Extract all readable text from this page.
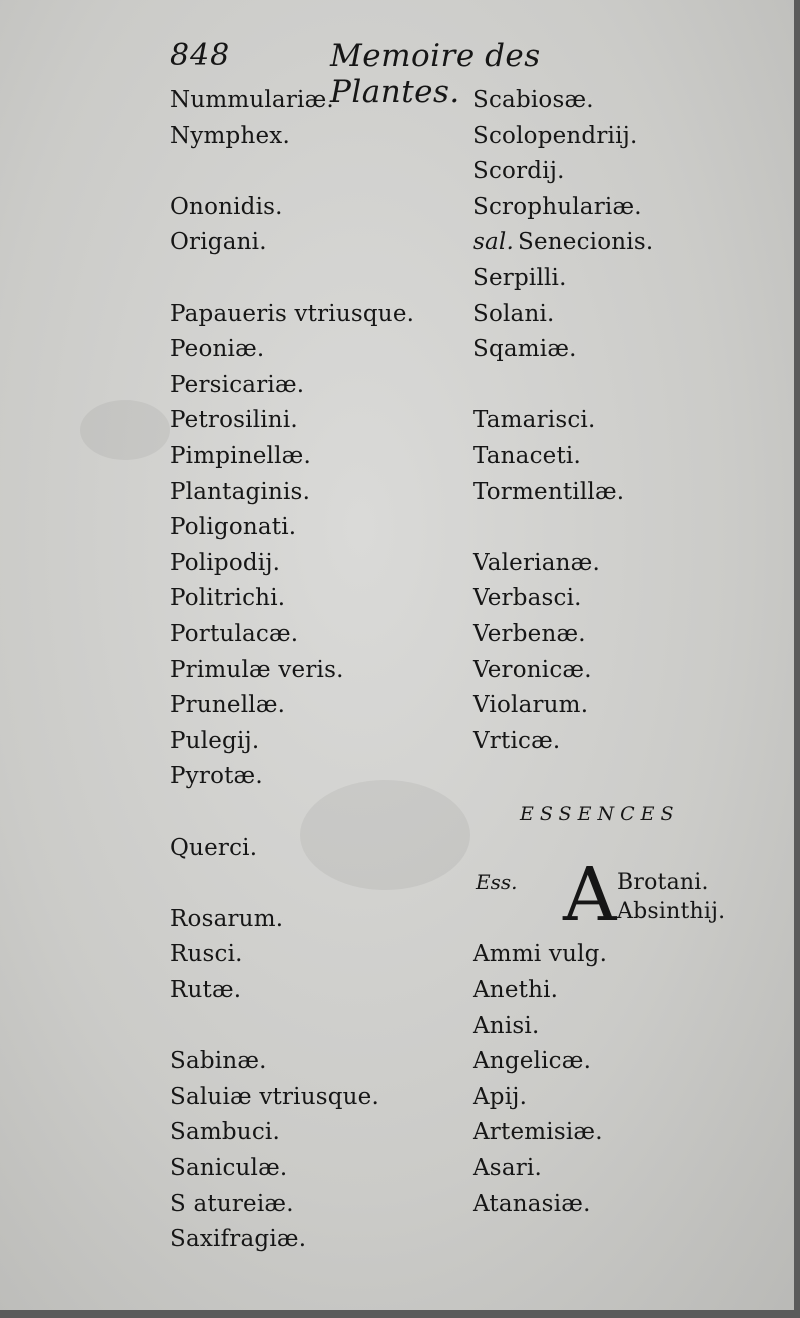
848	Memoire des Plantes.
Nummulariæ.
Nymphex.
Ononidis.
Origani.
Papaueris vtriusque.
Peoniæ.
Persicariæ.
Petrosilini.
Pimpinellæ.
Plantaginis.
Poligonati.
Polipodij.
Politrichi.
Portulacæ.
Primulæ veris.
Prunellæ.
Pulegij.
Pyrotæ.
Querci.
Rosarum.
Rusci.
Rutæ.
Sabinæ.
Saluiæ vtriusque.
Sambuci.
Saniculæ.
S atureiæ.
Saxifragiæ.
Scabiosæ.
Scolopendriij.
Scordij.
Scrophulariæ.
sal. Senecionis.
Serpilli.
Solani.
Sqamiæ.
Tamarisci.
Tanaceti.
Tormentillæ.
Valerianæ.
Verbasci.
Verbenæ.
Veronicæ.
Violarum.
Vrticæ.
Ammi vulg.
Anethi.
Anisi.
Angelicæ.
Apij.
Artemisiæ.
Asari.
Atanasiæ.
ESSENCES
Ess. A Brotani.
Absinthij.
